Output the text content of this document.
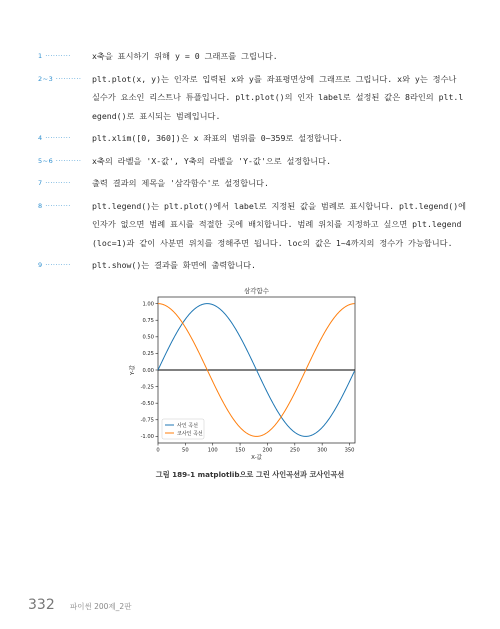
1 ··········	x축을 표시하기 위해 y = 0 그래프를 그립니다.
2~3 ··········	plt.plot(x, y)는 인자로 입력된 x와 y를 좌표평면상에 그래프로 그립니다. x와 y는 정수나 실수가 요소인 리스트나 튜플입니다. plt.plot()의 인자 label로 설정된 값은 8라인의 plt.legend()로 표시되는 범례입니다.
4 ··········	plt.xlim([0, 360])은 x 좌표의 범위를 0~359로 설정합니다.
5~6 ··········	x축의 라벨을 'X-값', Y축의 라벨을 'Y-값'으로 설정합니다.
7 ··········	출력 결과의 제목을 '삼각함수'로 설정합니다.
8 ··········	plt.legend()는 plt.plot()에서 label로 지정된 값을 범례로 표시합니다. plt.legend()에 인자가 없으면 범례 표시를 적절한 곳에 배치합니다. 범례 위치를 지정하고 싶으면 plt.legend(loc=1)과 같이 사분면 위치를 정해주면 됩니다. loc의 값은 1~4까지의 정수가 가능합니다.
9 ··········	plt.show()는 결과를 화면에 출력합니다.
삼각함수
0	50	100	150	200	250	300	350
-1.00
-0.75
-0.50
-0.25
0.00
0.25
0.50
0.75
1.00
X-값
Y-값
사인 곡선
코사인 곡선
그림 189-1 matplotlib으로 그린 사인곡선과 코사인곡선
332 파이썬 200제_2판
